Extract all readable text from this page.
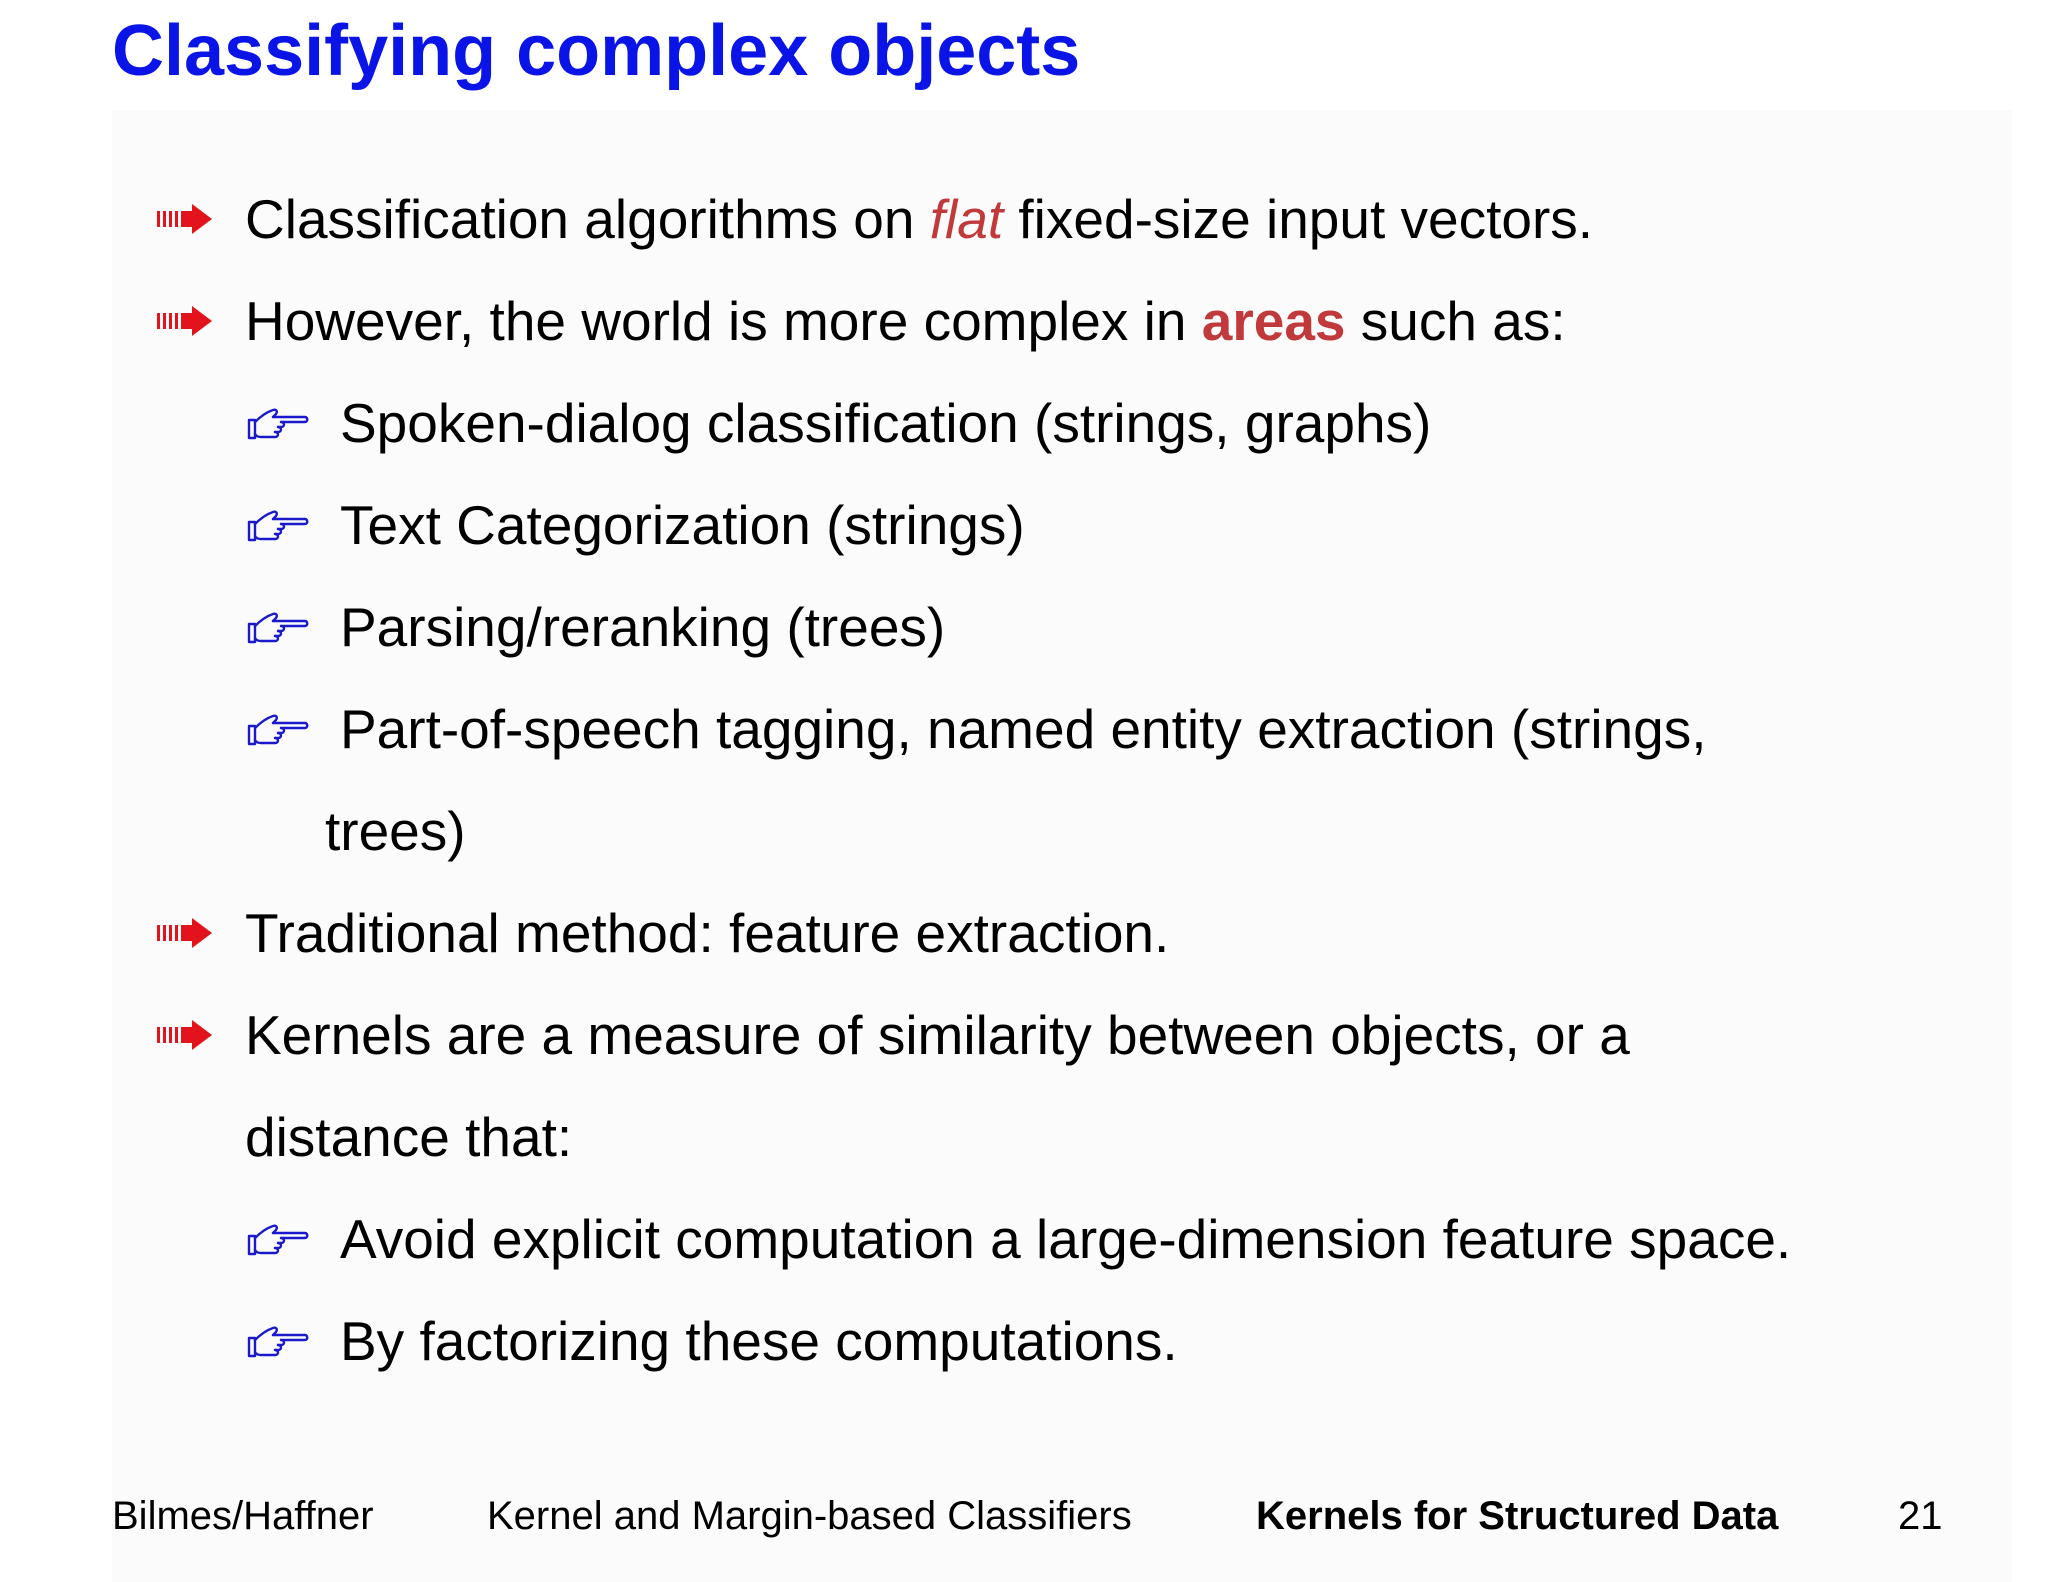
Classifying complex objects
Classification algorithms on flat fixed-size input vectors.
However, the world is more complex in areas such as:
Spoken-dialog classification (strings, graphs)
Text Categorization (strings)
Parsing/reranking (trees)
Part-of-speech tagging, named entity extraction (strings,
trees)
Traditional method: feature extraction.
Kernels are a measure of similarity between objects, or a
distance that:
Avoid explicit computation a large-dimension feature space.
By factorizing these computations.
Bilmes/Haffner	Kernel and Margin-based Classifiers	Kernels for Structured Data	21
